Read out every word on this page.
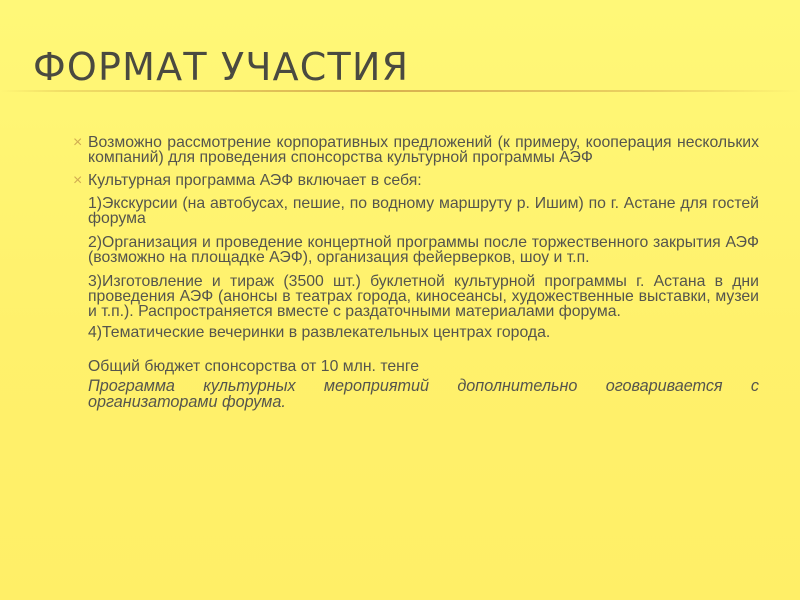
ФОРМАТ УЧАСТИЯ
× Возможно рассмотрение корпоративных предложений (к примеру, кооперация нескольких компаний) для проведения спонсорства культурной программы АЭФ
× Культурная программа АЭФ включает в себя:
1)Экскурсии (на автобусах, пешие, по водному маршруту р. Ишим) по г. Астане для гостей форума
2)Организация и проведение концертной программы после торжественного закрытия АЭФ (возможно на площадке АЭФ), организация фейерверков, шоу и т.п.
3)Изготовление и тираж (3500 шт.) буклетной культурной программы г. Астана в дни проведения АЭФ (анонсы в театрах города, киносеансы, художественные выставки, музеи и т.п.). Распространяется вместе с раздаточными материалами форума.
4)Тематические вечеринки в развлекательных центрах города.
Общий бюджет спонсорства от 10 млн. тенге
Программа культурных мероприятий дополнительно оговаривается с организаторами форума.
